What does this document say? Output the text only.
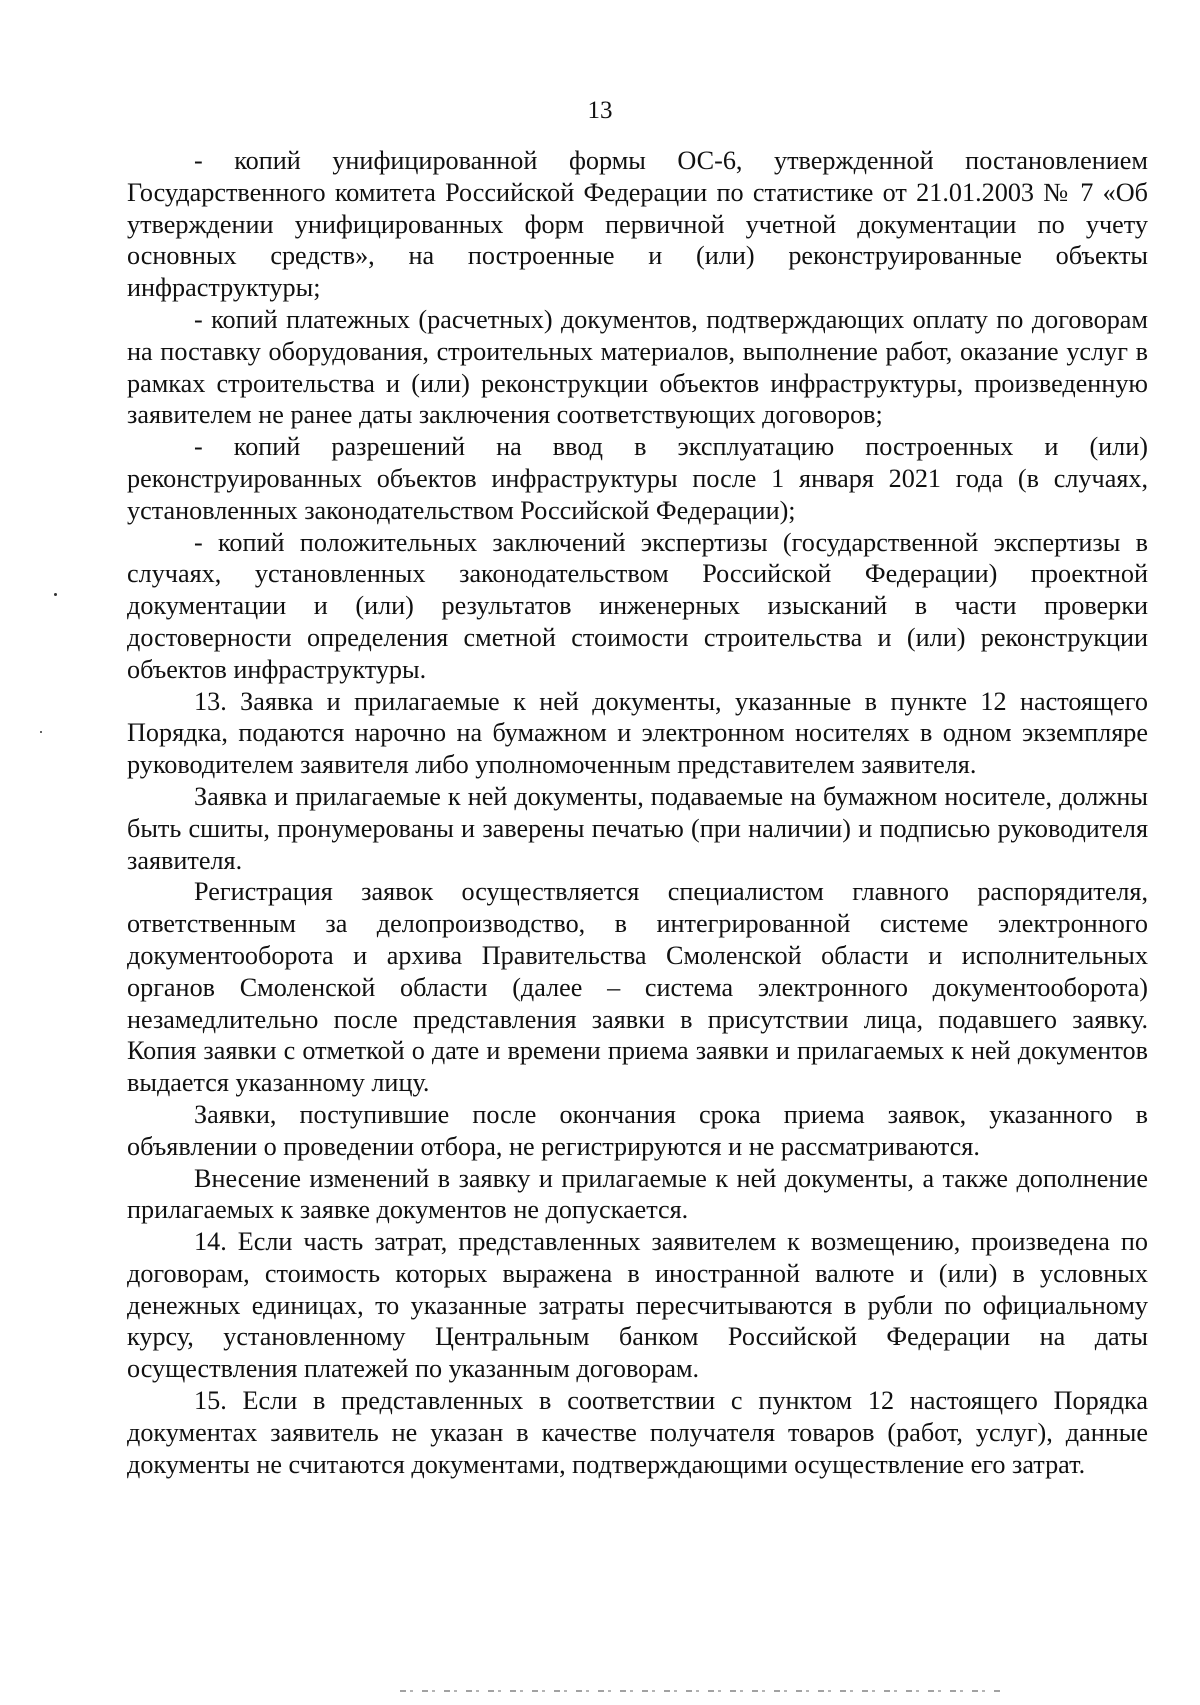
13

- копий унифицированной формы ОС-6, утвержденной постановлением Государственного комитета Российской Федерации по статистике от 21.01.2003 № 7 «Об утверждении унифицированных форм первичной учетной документации по учету основных средств», на построенные и (или) реконструированные объекты инфраструктуры;

- копий платежных (расчетных) документов, подтверждающих оплату по договорам на поставку оборудования, строительных материалов, выполнение работ, оказание услуг в рамках строительства и (или) реконструкции объектов инфраструктуры, произведенную заявителем не ранее даты заключения соответствующих договоров;

- копий разрешений на ввод в эксплуатацию построенных и (или) реконструированных объектов инфраструктуры после 1 января 2021 года (в случаях, установленных законодательством Российской Федерации);

- копий положительных заключений экспертизы (государственной экспертизы в случаях, установленных законодательством Российской Федерации) проектной документации и (или) результатов инженерных изысканий в части проверки достоверности определения сметной стоимости строительства и (или) реконструкции объектов инфраструктуры.

13. Заявка и прилагаемые к ней документы, указанные в пункте 12 настоящего Порядка, подаются нарочно на бумажном и электронном носителях в одном экземпляре руководителем заявителя либо уполномоченным представителем заявителя.

Заявка и прилагаемые к ней документы, подаваемые на бумажном носителе, должны быть сшиты, пронумерованы и заверены печатью (при наличии) и подписью руководителя заявителя.

Регистрация заявок осуществляется специалистом главного распорядителя, ответственным за делопроизводство, в интегрированной системе электронного документооборота и архива Правительства Смоленской области и исполнительных органов Смоленской области (далее – система электронного документооборота) незамедлительно после представления заявки в присутствии лица, подавшего заявку. Копия заявки с отметкой о дате и времени приема заявки и прилагаемых к ней документов выдается указанному лицу.

Заявки, поступившие после окончания срока приема заявок, указанного в объявлении о проведении отбора, не регистрируются и не рассматриваются.

Внесение изменений в заявку и прилагаемые к ней документы, а также дополнение прилагаемых к заявке документов не допускается.

14. Если часть затрат, представленных заявителем к возмещению, произведена по договорам, стоимость которых выражена в иностранной валюте и (или) в условных денежных единицах, то указанные затраты пересчитываются в рубли по официальному курсу, установленному Центральным банком Российской Федерации на даты осуществления платежей по указанным договорам.

15. Если в представленных в соответствии с пунктом 12 настоящего Порядка документах заявитель не указан в качестве получателя товаров (работ, услуг), данные документы не считаются документами, подтверждающими осуществление его затрат.
